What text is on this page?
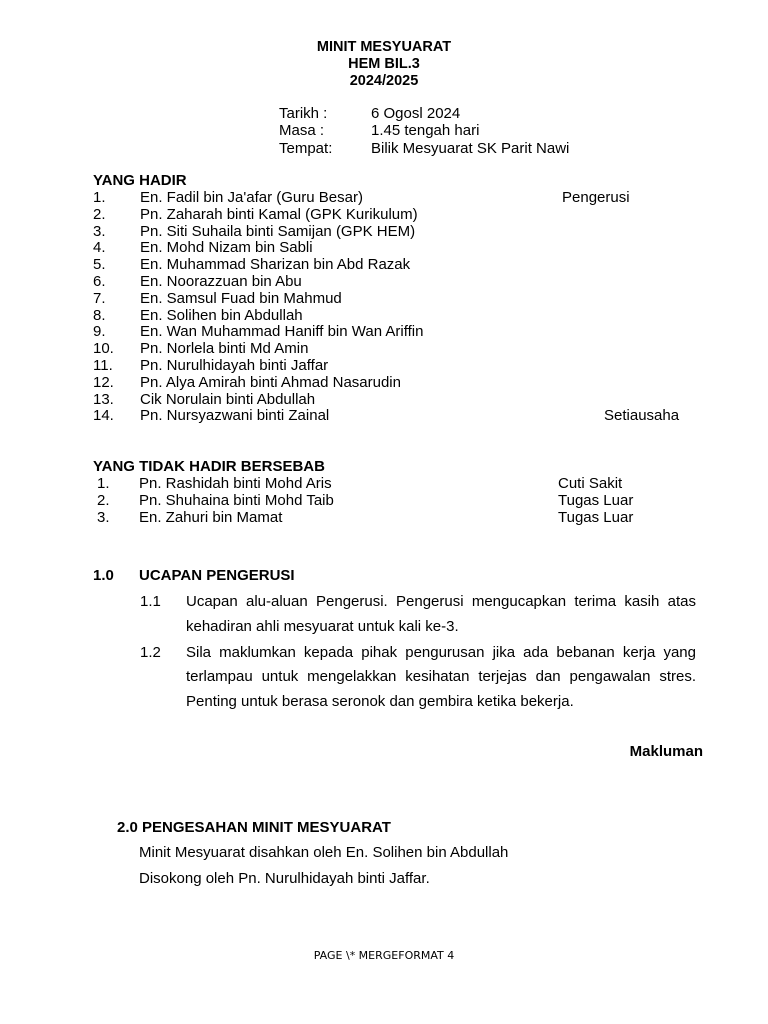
MINIT MESYUARAT
HEM BIL.3
2024/2025
Tarikh :	6 Ogosl 2024
Masa :	1.45 tengah hari
Tempat:	Bilik Mesyuarat SK Parit Nawi
YANG HADIR
1. En. Fadil bin Ja'afar (Guru Besar)	Pengerusi
2. Pn. Zaharah binti Kamal (GPK Kurikulum)
3. Pn. Siti Suhaila binti Samijan (GPK HEM)
4. En. Mohd Nizam bin Sabli
5. En. Muhammad Sharizan bin Abd Razak
6. En. Noorazzuan bin Abu
7. En. Samsul Fuad bin Mahmud
8. En. Solihen bin Abdullah
9. En. Wan Muhammad Haniff bin Wan Ariffin
10. Pn. Norlela binti Md Amin
11. Pn. Nurulhidayah binti Jaffar
12. Pn. Alya Amirah binti Ahmad Nasarudin
13. Cik Norulain binti Abdullah
14. Pn. Nursyazwani binti Zainal	Setiausaha
YANG TIDAK HADIR BERSEBAB
1. Pn. Rashidah binti Mohd Aris	Cuti Sakit
2. Pn. Shuhaina binti Mohd Taib	Tugas Luar
3. En. Zahuri bin Mamat	Tugas Luar
1.0 UCAPAN PENGERUSI
1.1 Ucapan alu-aluan Pengerusi. Pengerusi mengucapkan terima kasih atas
kehadiran ahli mesyuarat untuk kali ke-3.
1.2 Sila maklumkan kepada pihak pengurusan jika ada bebanan kerja yang
terlampau untuk mengelakkan kesihatan terjejas dan pengawalan stres.
Penting untuk berasa seronok dan gembira ketika bekerja.
Makluman
2.0 PENGESAHAN MINIT MESYUARAT
Minit Mesyuarat disahkan oleh En. Solihen bin Abdullah
Disokong oleh Pn. Nurulhidayah binti Jaffar.
PAGE \* MERGEFORMAT 4
